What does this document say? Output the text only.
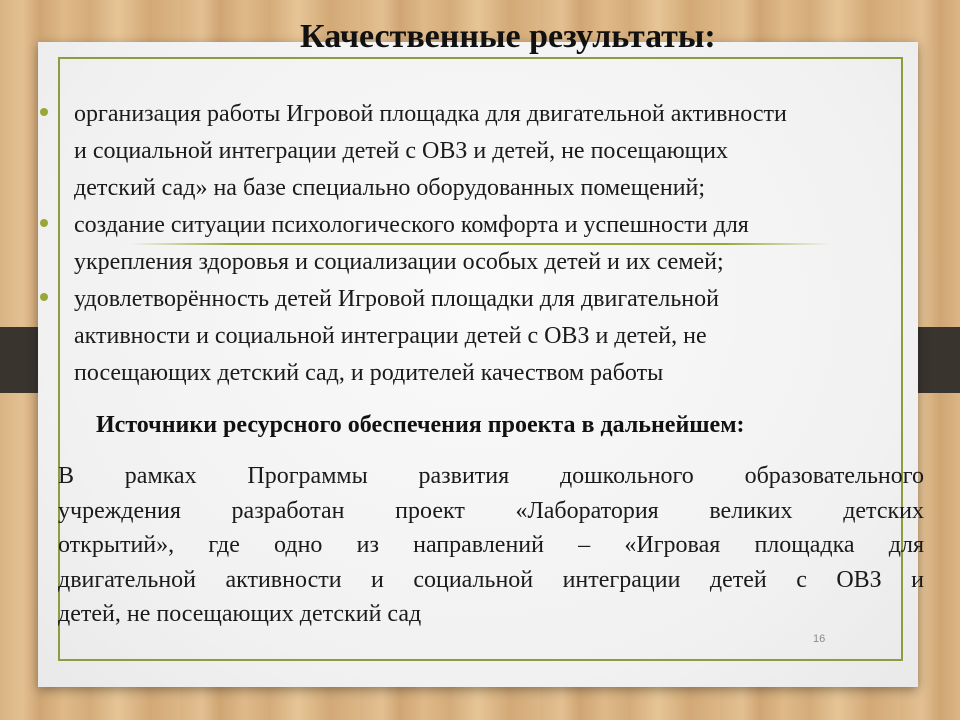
Качественные результаты:
организация работы Игровой площадка для двигательной активности
и социальной интеграции детей с ОВЗ и детей, не посещающих
детский сад» на базе специально оборудованных помещений;
создание ситуации психологического комфорта и успешности для
укрепления здоровья и социализации особых детей и их семей;
удовлетворённость детей Игровой площадки для двигательной
активности и социальной интеграции детей с ОВЗ и детей, не
посещающих детский сад, и родителей качеством работы
Источники ресурсного обеспечения проекта в дальнейшем:

В рамках Программы развития дошкольного образовательного
учреждения разработан проект «Лаборатория великих детских
открытий», где одно из направлений – «Игровая площадка для
двигательной активности и социальной интеграции детей с ОВЗ и
детей, не посещающих детский сад

16
